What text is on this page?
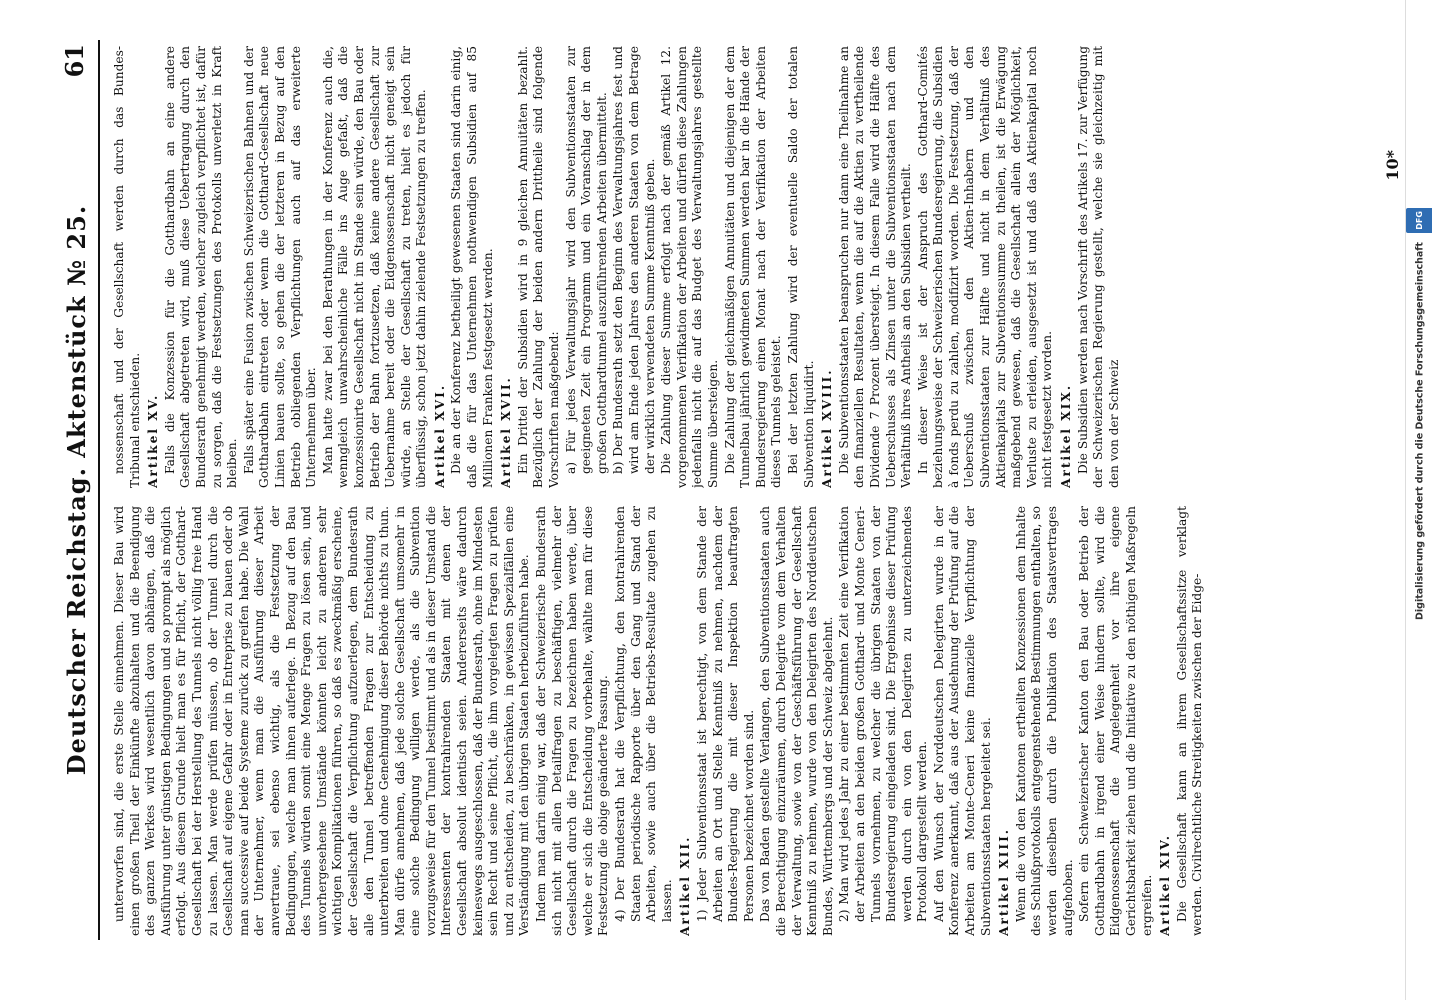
Deutscher Reichstag. Aktenstück № 25.
61

unterworfen sind, die erste Stelle einnehmen. Dieser Bau wird einen großen Theil der Einkünfte abzuhalten und die Beendigung des ganzen Werkes wird wesentlich davon abhängen, daß die Ausführung unter günstigen Bedingungen und so prompt als möglich erfolgt. Aus diesem Grunde hielt man es für Pflicht, der Gotthard-Gesellschaft bei der Herstellung des Tunnels nicht völlig freie Hand zu lassen. Man werde prüfen müssen, ob der Tunnel durch die Gesellschaft auf eigene Gefahr oder in Entreprise zu bauen oder ob man successive auf beide Systeme zurück zu greifen habe. Die Wahl der Unternehmer, wenn man die Ausführung dieser Arbeit anvertraue, sei ebenso wichtig, als die Festsetzung der Bedingungen, welche man ihnen auferlege. In Bezug auf den Bau des Tunnels würden somit eine Menge Fragen zu lösen sein, und unvorhergesehene Umstände könnten leicht zu anderen sehr wichtigen Komplikationen führen, so daß es zweckmäßig erscheine, der Gesellschaft die Verpflichtung aufzuerlegen, dem Bundesrath alle den Tunnel betreffenden Fragen zur Entscheidung zu unterbreiten und ohne Genehmigung dieser Behörde nichts zu thun. Man dürfe annehmen, daß jede solche Gesellschaft umsomehr in eine solche Bedingung willigen werde, als die Subvention vorzugsweise für den Tunnel bestimmt und als in dieser Umstand die Interessenten der kontrahirenden Staaten mit denen der Gesellschaft absolut identisch seien. Andererseits wäre dadurch keineswegs ausgeschlossen, daß der Bundesrath, ohne im Mindesten sein Recht und seine Pflicht, die ihm vorgelegten Fragen zu prüfen und zu entscheiden, zu beschränken, in gewissen Spezialfällen eine Verständigung mit den übrigen Staaten herbeizuführen habe. Indem man darin einig war, daß der Schweizerische Bundesrath sich nicht mit allen Detailfragen zu beschäftigen, vielmehr der Gesellschaft durch die Fragen zu bezeichnen haben werde, über welche er sich die Entscheidung vorbehalte, wählte man für diese Festsetzung die obige geänderte Fassung. 4) Der Bundesrath hat die Verpflichtung, den kontrahirenden Staaten periodische Rapporte über den Gang und Stand der Arbeiten, sowie auch über die Betriebs-Resultate zugehen zu lassen. Artikel XII. 1) Jeder Subventionsstaat ist berechtigt, von dem Stande der Arbeiten an Ort und Stelle Kenntniß zu nehmen, nachdem der Bundes-Regierung die mit dieser Inspektion beauftragten Personen bezeichnet worden sind. Das von Baden gestellte Verlangen, den Subventionsstaaten auch die Berechtigung einzuräumen, durch Delegirte vom dem Verhalten der Verwaltung, sowie von der Geschäftsführung der Gesellschaft Kenntniß zu nehmen, wurde von den Delegirten des Norddeutschen Bundes, Württembergs und der Schweiz abgelehnt. 2) Man wird jedes Jahr zu einer bestimmten Zeit eine Verifikation der Arbeiten an den beiden großen Gotthard- und Monte Ceneri-Tunnels vornehmen, zu welcher die übrigen Staaten von der Bundesregierung eingeladen sind. Die Ergebnisse dieser Prüfung werden durch ein von den Delegirten zu unterzeichnendes Protokoll dargestellt werden. Auf den Wunsch der Norddeutschen Delegirten wurde in der Konferenz anerkannt, daß aus der Ausdehnung der Prüfung auf die Arbeiten am Monte-Ceneri keine finanzielle Verpflichtung der Subventionsstaaten hergeleitet sei. Artikel XIII. Wenn die von den Kantonen ertheilten Konzessionen dem Inhalte des Schlußprotokolls entgegenstehende Bestimmungen enthalten, so werden dieselben durch die Publikation des Staatsvertrages aufgehoben. Sofern ein Schweizerischer Kanton den Bau oder Betrieb der Gotthardbahn in irgend einer Weise hindern sollte, wird die Eidgenossenschaft die Angelegenheit vor ihre eigene Gerichtsbarkeit ziehen und die Initiative zu den nöthigen Maßregeln ergreifen. Artikel XIV. Die Gesellschaft kann an ihrem Gesellschaftssitze verklagt werden. Civilrechtliche Streitigkeiten zwischen der Eidge-

nossenschaft und der Gesellschaft werden durch das Bundes-Tribunal entschieden. Artikel XV. Falls die Konzession für die Gotthardbahn an eine andere Gesellschaft abgetreten wird, muß diese Uebertragung durch den Bundesrath genehmigt werden, welcher zugleich verpflichtet ist, dafür zu sorgen, daß die Festsetzungen des Protokolls unverletzt in Kraft bleiben. Falls später eine Fusion zwischen Schweizerischen Bahnen und der Gotthardbahn eintreten oder wenn die Gotthard-Gesellschaft neue Linien bauen sollte, so gehen die der letzteren in Bezug auf den Betrieb obliegenden Verpflichtungen auch auf das erweiterte Unternehmen über. Man hatte zwar bei den Berathungen in der Konferenz auch die, wenngleich unwahrscheinliche Fälle ins Auge gefaßt, daß die konzessionirte Gesellschaft nicht im Stande sein würde, den Bau oder Betrieb der Bahn fortzusetzen, daß keine andere Gesellschaft zur Uebernahme bereit oder die Eidgenossenschaft nicht geneigt sein würde, an Stelle der Gesellschaft zu treten, hielt es jedoch für überflüssig, schon jetzt dahin zielende Festsetzungen zu treffen. Artikel XVI. Die an der Konferenz betheiligt gewesenen Staaten sind darin einig, daß die für das Unternehmen nothwendigen Subsidien auf 85 Millionen Franken festgesetzt werden. Artikel XVII. Ein Drittel der Subsidien wird in 9 gleichen Annuitäten bezahlt. Bezüglich der Zahlung der beiden andern Drittheile sind folgende Vorschriften maßgebend: a) Für jedes Verwaltungsjahr wird den Subventionsstaaten zur geeigneten Zeit ein Programm und ein Voranschlag der in dem großen Gotthardtunnel auszuführenden Arbeiten übermittelt. b) Der Bundesrath setzt den Beginn des Verwaltungsjahres fest und wird am Ende jeden Jahres den anderen Staaten von dem Betrage der wirklich verwendeten Summe Kenntniß geben. Die Zahlung dieser Summe erfolgt nach der gemäß Artikel 12. vorgenommenen Verifikation der Arbeiten und dürfen diese Zahlungen jedenfalls nicht die auf das Budget des Verwaltungsjahres gestellte Summe übersteigen. Die Zahlung der gleichmäßigen Annuitäten und diejenigen der dem Tunnelbau jährlich gewidmeten Summen werden bar in die Hände der Bundesregierung einen Monat nach der Verifikation der Arbeiten dieses Tunnels geleistet. Bei der letzten Zahlung wird der eventuelle Saldo der totalen Subvention liquidirt. Artikel XVIII. Die Subventionsstaaten beanspruchen nur dann eine Theilnahme an den finanziellen Resultaten, wenn die auf die Aktien zu vertheilende Dividende 7 Prozent übersteigt. In diesem Falle wird die Hälfte des Ueberschusses als Zinsen unter die Subventionsstaaten nach dem Verhältniß ihres Antheils an den Subsidien vertheilt. In dieser Weise ist der Anspruch des Gotthard-Comités beziehungsweise der Schweizerischen Bundesregierung, die Subsidien à fonds perdu zu zahlen, modifizirt worden. Die Festsetzung, daß der Ueberschuß zwischen den Aktien-Inhabern und den Subventionsstaaten zur Hälfte und nicht in dem Verhältniß des Aktienkapitals zur Subventionssumme zu theilen, ist die Erwägung maßgebend gewesen, daß die Gesellschaft allein der Möglichkeit, Verluste zu erleiden, ausgesetzt ist und daß das Aktienkapital noch nicht festgesetzt worden. Artikel XIX. Die Subsidien werden nach Vorschrift des Artikels 17. zur Verfügung der Schweizerischen Regierung gestellt, welche sie gleichzeitig mit den von der Schweiz

10*
Digitalisierung gefördert durch die Deutsche Forschungsgemeinschaft DFG
